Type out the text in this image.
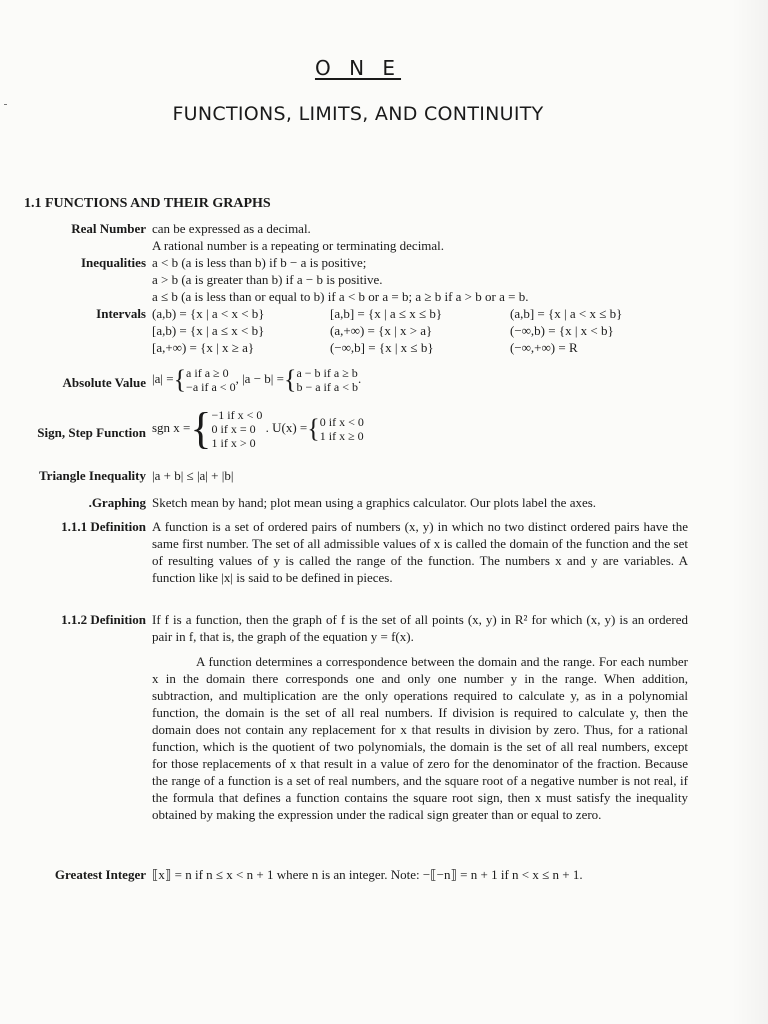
O N E
FUNCTIONS, LIMITS, AND CONTINUITY
1.1 FUNCTIONS AND THEIR GRAPHS
Real Number can be expressed as a decimal.

A rational number is a repeating or terminating decimal.

Inequalities a < b (a is less than b) if b − a is positive;

a > b (a is greater than b) if a − b is positive.

a ≤ b (a is less than or equal to b) if a < b or a = b; a ≥ b if a > b or a = b.

Intervals (a,b) = {x | a < x < b}	[a,b] = {x | a ≤ x ≤ b}	(a,b] = {x | a < x ≤ b}
[a,b) = {x | a ≤ x < b}	(a,+∞) = {x | x > a}	(−∞,b) = {x | x < b}
[a,+∞) = {x | x ≥ a}	(−∞,b] = {x | x ≤ b}	(−∞,+∞) = R
Absolute Value |a| ={ a if a ≥ 0
−a if a < 0
, |a − b| ={ a − b if a ≥ b
b − a if a < b
.
Sign, Step Function sgn x ={ −1 if x < 0
0 if x = 0
1 if x > 0
. U(x) ={ 0 if x < 0
1 if x ≥ 0
Triangle Inequality |a + b| ≤ |a| + |b|

.Graphing Sketch mean by hand; plot mean using a graphics calculator. Our plots label the axes.

1.1.1 Definition A function is a set of ordered pairs of numbers (x, y) in which no two distinct ordered pairs have the same first number. The set of all admissible values of x is called the domain of the function and the set of resulting values of y is called the range of the function. The numbers x and y are variables. A function like |x| is said to be defined in pieces.

1.1.2 Definition If f is a function, then the graph of f is the set of all points (x, y) in R² for which (x, y) is an ordered pair in f, that is, the graph of the equation y = f(x).

A function determines a correspondence between the domain and the range. For each number x in the domain there corresponds one and only one number y in the range. When addition, subtraction, and multiplication are the only operations required to calculate y, as in a polynomial function, the domain is the set of all real numbers. If division is required to calculate y, then the domain does not contain any replacement for x that results in division by zero. Thus, for a rational function, which is the quotient of two polynomials, the domain is the set of all real numbers, except for those replacements of x that result in a value of zero for the denominator of the fraction. Because the range of a function is a set of real numbers, and the square root of a negative number is not real, if the formula that defines a function contains the square root sign, then x must satisfy the inequality obtained by making the expression under the radical sign greater than or equal to zero.

Greatest Integer ⟦x⟧ = n if n ≤ x < n + 1 where n is an integer. Note: −⟦−n⟧ = n + 1 if n < x ≤ n + 1.
